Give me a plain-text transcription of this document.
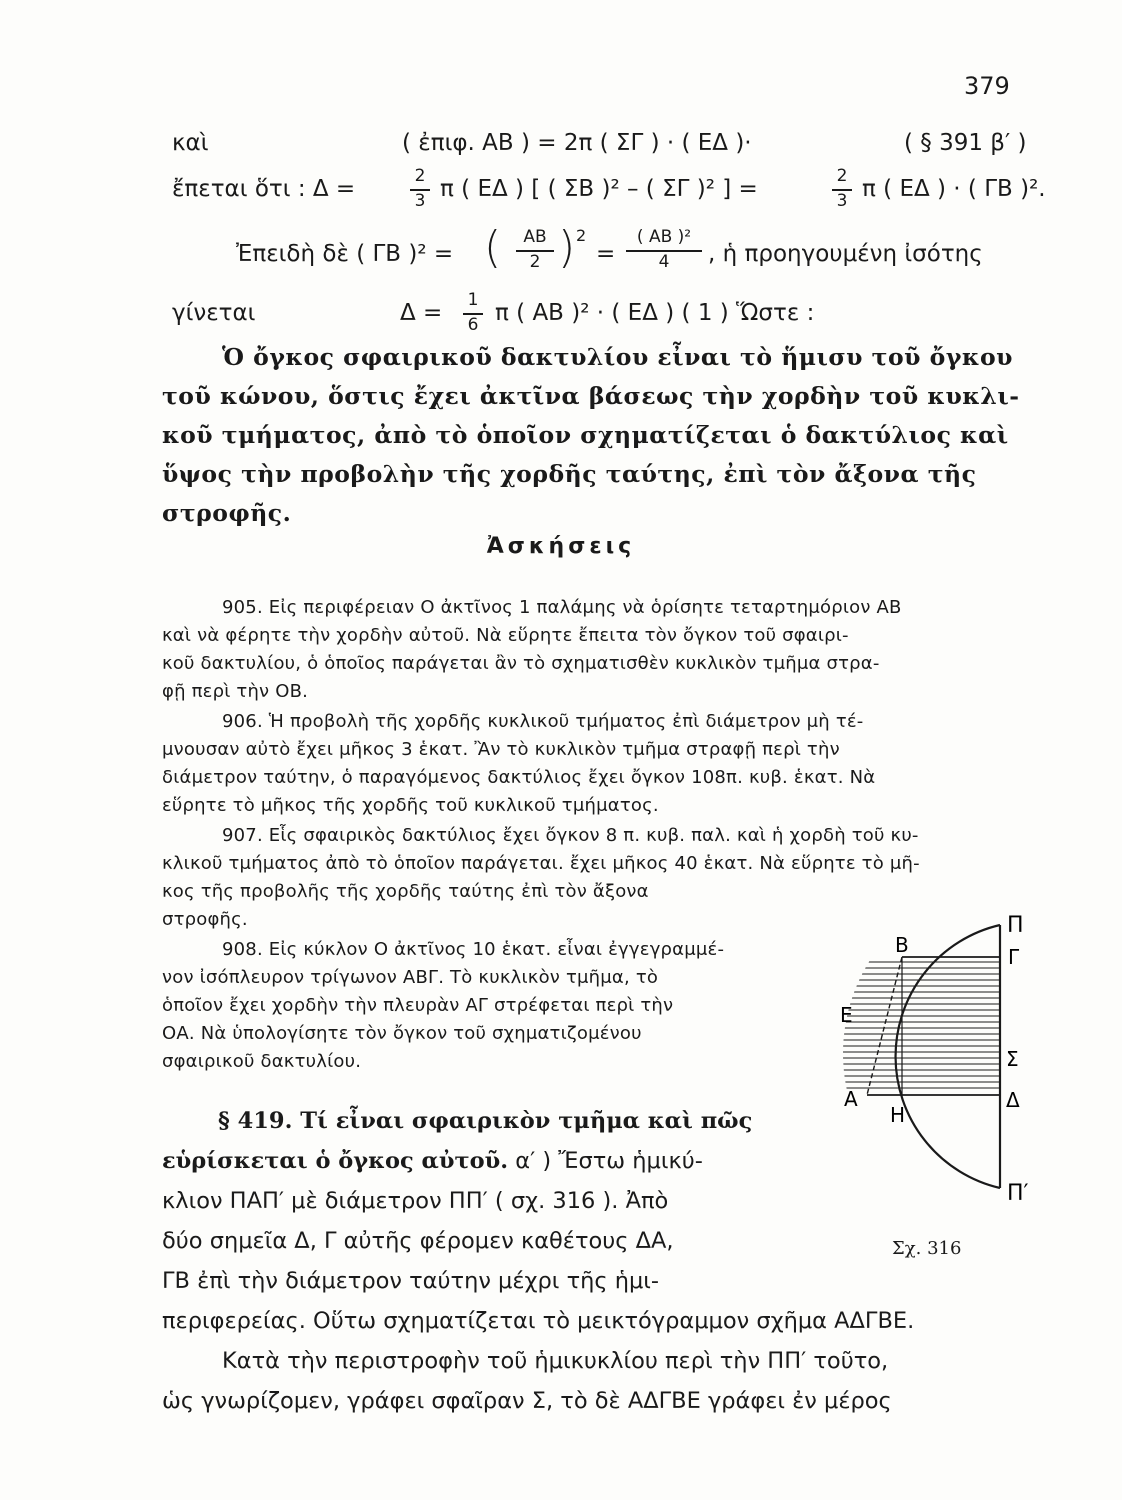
379
καὶ	( ἐπιφ. ΑΒ ) = 2π ( ΣΓ ) · ( ΕΔ )·	( § 391 β′ )
ἔπεται ὅτι : Δ =	2
3 π ( ΕΔ ) [ ( ΣΒ )² – ( ΣΓ )² ] =	2
3 π ( ΕΔ ) · ( ΓΒ )².
Ἐπειδὴ δὲ ( ΓΒ )² = (	ΑΒ
2 ) 2
=
( ΑΒ )²
4	, ἡ προηγουμένη ἰσότης
γίνεται	Δ =	1
6 π ( ΑΒ )² · ( ΕΔ ) ( 1 ) Ὥστε :
Ὁ ὄγκος σφαιρικοῦ δακτυλίου εἶναι τὸ ἥμισυ τοῦ ὄγκου
τοῦ κώνου, ὅστις ἔχει ἀκτῖνα βάσεως τὴν χορδὴν τοῦ κυκλι-
κοῦ τμήματος, ἀπὸ τὸ ὁποῖον σχηματίζεται ὁ δακτύλιος καὶ
ὕψος τὴν προβολὴν τῆς χορδῆς ταύτης, ἐπὶ τὸν ἄξονα τῆς
στροφῆς.
Ἀσκήσεις
905. Εἰς περιφέρειαν Ο ἀκτῖνος 1 παλάμης νὰ ὁρίσητε τεταρτημόριον ΑΒ
καὶ νὰ φέρητε τὴν χορδὴν αὐτοῦ. Νὰ εὕρητε ἔπειτα τὸν ὄγκον τοῦ σφαιρι-
κοῦ δακτυλίου, ὁ ὁποῖος παράγεται ἂν τὸ σχηματισθὲν κυκλικὸν τμῆμα στρα-
φῇ περὶ τὴν ΟΒ.
906. Ἡ προβολὴ τῆς χορδῆς κυκλικοῦ τμήματος ἐπὶ διάμετρον μὴ τέ-
μνουσαν αὐτὸ ἔχει μῆκος 3 ἑκατ. Ἂν τὸ κυκλικὸν τμῆμα στραφῇ περὶ τὴν
διάμετρον ταύτην, ὁ παραγόμενος δακτύλιος ἔχει ὄγκον 108π. κυβ. ἑκατ. Νὰ
εὕρητε τὸ μῆκος τῆς χορδῆς τοῦ κυκλικοῦ τμήματος.
907. Εἷς σφαιρικὸς δακτύλιος ἔχει ὄγκον 8 π. κυβ. παλ. καὶ ἡ χορδὴ τοῦ κυ-
κλικοῦ τμήματος ἀπὸ τὸ ὁποῖον παράγεται. ἔχει μῆκος 40 ἑκατ. Νὰ εὕρητε τὸ μῆ-
κος τῆς προβολῆς τῆς χορδῆς ταύτης ἐπὶ τὸν ἄξονα
στροφῆς.
908. Εἰς κύκλον Ο ἀκτῖνος 10 ἑκατ. εἶναι ἐγγεγραμμέ-
νον ἰσόπλευρον τρίγωνον ΑΒΓ. Τὸ κυκλικὸν τμῆμα, τὸ
ὁποῖον ἔχει χορδὴν τὴν πλευρὰν ΑΓ στρέφεται περὶ τὴν
ΟΑ. Νὰ ὑπολογίσητε τὸν ὄγκον τοῦ σχηματιζομένου
σφαιρικοῦ δακτυλίου.
§ 419. Τί εἶναι σφαιρικὸν τμῆμα καὶ πῶς
εὑρίσκεται ὁ ὄγκος αὐτοῦ. α′ ) Ἔστω ἡμικύ-
κλιον ΠΑΠ′ μὲ διάμετρον ΠΠ′ ( σχ. 316 ). Ἀπὸ
δύο σημεῖα Δ, Γ αὐτῆς φέρομεν καθέτους ΔΑ,
ΓΒ ἐπὶ τὴν διάμετρον ταύτην μέχρι τῆς ἡμι-
περιφερείας. Οὕτω σχηματίζεται τὸ μεικτόγραμμον σχῆμα ΑΔΓΒΕ.
Κατὰ τὴν περιστροφὴν τοῦ ἡμικυκλίου περὶ τὴν ΠΠ′ τοῦτο,
ὡς γνωρίζομεν, γράφει σφαῖραν Σ, τὸ δὲ ΑΔΓΒΕ γράφει ἐν μέρος
Π
Π′
Γ
Β
Ε
Σ
Α	Δ
Η
Σχ. 316
